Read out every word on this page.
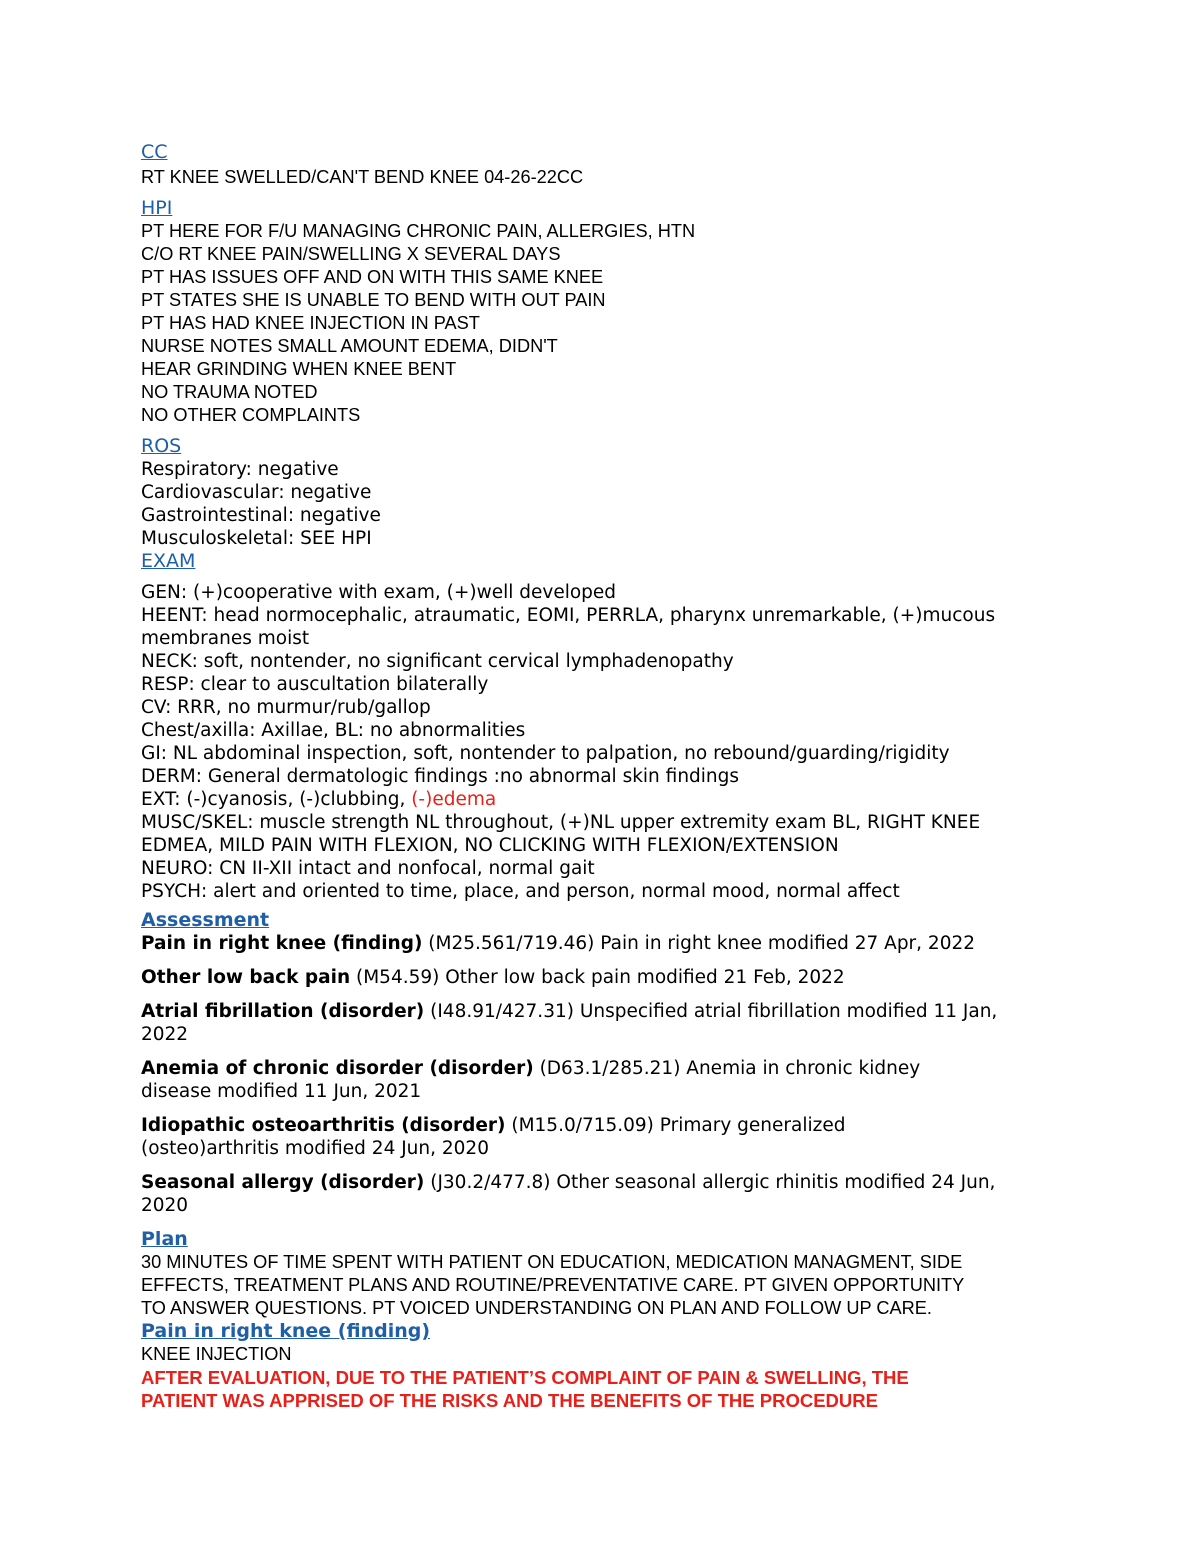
CC
RT KNEE SWELLED/CAN'T BEND KNEE 04-26-22CC
HPI
PT HERE FOR F/U MANAGING CHRONIC PAIN, ALLERGIES, HTN
C/O RT KNEE PAIN/SWELLING X SEVERAL DAYS
PT HAS ISSUES OFF AND ON WITH THIS SAME KNEE
PT STATES SHE IS UNABLE TO BEND WITH OUT PAIN
PT HAS HAD KNEE INJECTION IN PAST
NURSE NOTES SMALL AMOUNT EDEMA, DIDN'T
HEAR GRINDING WHEN KNEE BENT
NO TRAUMA NOTED
NO OTHER COMPLAINTS
ROS
Respiratory: negative
Cardiovascular: negative
Gastrointestinal: negative
Musculoskeletal: SEE HPI
EXAM
GEN: (+)cooperative with exam, (+)well developed
HEENT: head normocephalic, atraumatic, EOMI, PERRLA, pharynx unremarkable, (+)mucous
membranes moist
NECK: soft, nontender, no significant cervical lymphadenopathy
RESP: clear to auscultation bilaterally
CV: RRR, no murmur/rub/gallop
Chest/axilla: Axillae, BL: no abnormalities
GI: NL abdominal inspection, soft, nontender to palpation, no rebound/guarding/rigidity
DERM: General dermatologic findings :no abnormal skin findings
EXT: (-)cyanosis, (-)clubbing, (-)edema
MUSC/SKEL: muscle strength NL throughout, (+)NL upper extremity exam BL, RIGHT KNEE
EDMEA, MILD PAIN WITH FLEXION, NO CLICKING WITH FLEXION/EXTENSION
NEURO: CN II-XII intact and nonfocal, normal gait
PSYCH: alert and oriented to time, place, and person, normal mood, normal affect
Assessment
Pain in right knee (finding) (M25.561/719.46) Pain in right knee modified 27 Apr, 2022
Other low back pain (M54.59) Other low back pain modified 21 Feb, 2022
Atrial fibrillation (disorder) (I48.91/427.31) Unspecified atrial fibrillation modified 11 Jan,
2022
Anemia of chronic disorder (disorder) (D63.1/285.21) Anemia in chronic kidney
disease modified 11 Jun, 2021
Idiopathic osteoarthritis (disorder) (M15.0/715.09) Primary generalized
(osteo)arthritis modified 24 Jun, 2020
Seasonal allergy (disorder) (J30.2/477.8) Other seasonal allergic rhinitis modified 24 Jun,
2020
Plan
30 MINUTES OF TIME SPENT WITH PATIENT ON EDUCATION, MEDICATION MANAGMENT, SIDE
EFFECTS, TREATMENT PLANS AND ROUTINE/PREVENTATIVE CARE. PT GIVEN OPPORTUNITY
TO ANSWER QUESTIONS. PT VOICED UNDERSTANDING ON PLAN AND FOLLOW UP CARE.
Pain in right knee (finding)
KNEE INJECTION
AFTER EVALUATION, DUE TO THE PATIENT’S COMPLAINT OF PAIN & SWELLING, THE
PATIENT WAS APPRISED OF THE RISKS AND THE BENEFITS OF THE PROCEDURE
